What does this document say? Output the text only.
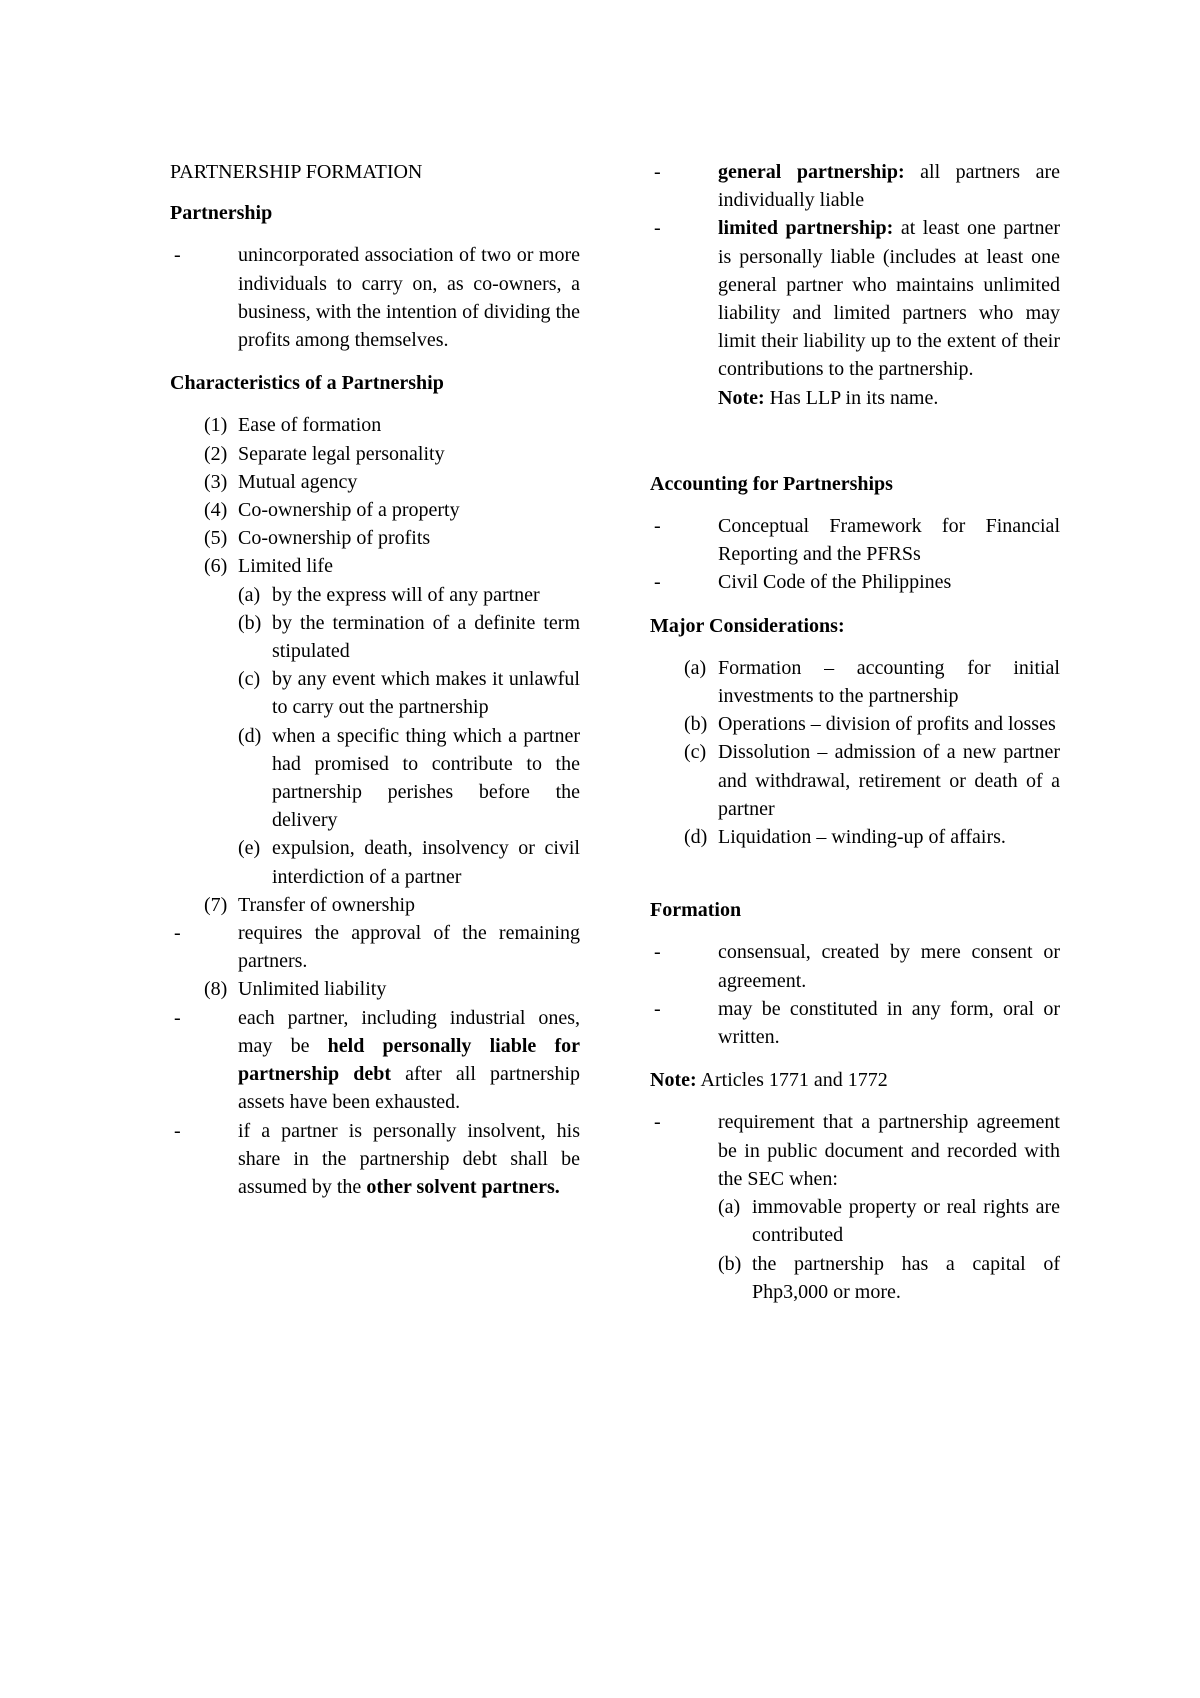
PARTNERSHIP FORMATION
Partnership
- unincorporated association of two or more individuals to carry on, as co-owners, a business, with the intention of dividing the profits among themselves.
Characteristics of a Partnership
(1) Ease of formation
(2) Separate legal personality
(3) Mutual agency
(4) Co-ownership of a property
(5) Co-ownership of profits
(6) Limited life
(a) by the express will of any partner
(b) by the termination of a definite term stipulated
(c) by any event which makes it unlawful to carry out the partnership
(d) when a specific thing which a partner had promised to contribute to the partnership perishes before the delivery
(e) expulsion, death, insolvency or civil interdiction of a partner
(7) Transfer of ownership
- requires the approval of the remaining partners.
(8) Unlimited liability
- each partner, including industrial ones, may be held personally liable for partnership debt after all partnership assets have been exhausted.
- if a partner is personally insolvent, his share in the partnership debt shall be assumed by the other solvent partners.
- general partnership: all partners are individually liable
- limited partnership: at least one partner is personally liable (includes at least one general partner who maintains unlimited liability and limited partners who may limit their liability up to the extent of their contributions to the partnership.
Note: Has LLP in its name.
Accounting for Partnerships
- Conceptual Framework for Financial Reporting and the PFRSs
- Civil Code of the Philippines
Major Considerations:
(a) Formation – accounting for initial investments to the partnership
(b) Operations – division of profits and losses
(c) Dissolution – admission of a new partner and withdrawal, retirement or death of a partner
(d) Liquidation – winding-up of affairs.
Formation
- consensual, created by mere consent or agreement.
- may be constituted in any form, oral or written.
Note: Articles 1771 and 1772
- requirement that a partnership agreement be in public document and recorded with the SEC when:
(a) immovable property or real rights are contributed
(b) the partnership has a capital of Php3,000 or more.
